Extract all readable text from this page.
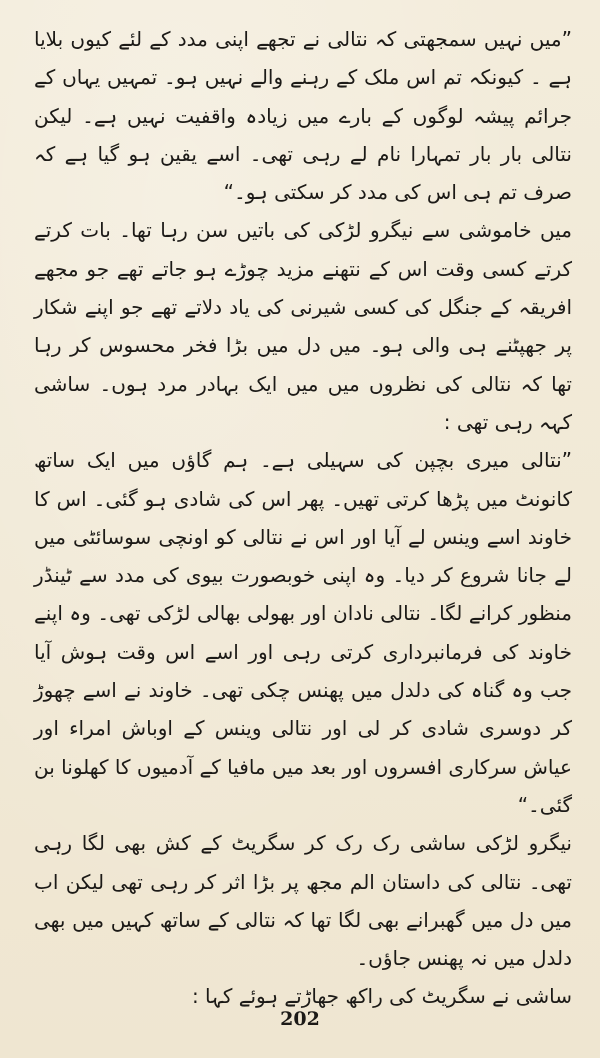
”میں نہیں سمجھتی کہ نتالی نے تجھے اپنی مدد کے لئے کیوں بلایا ہے ۔ کیونکہ تم اس ملک کے رہنے والے نہیں ہو۔ تمہیں یہاں کے جرائم پیشہ لوگوں کے بارے میں زیادہ واقفیت نہیں ہے۔ لیکن نتالی بار بار تمہارا نام لے رہی تھی۔ اسے یقین ہو گیا ہے کہ صرف تم ہی اس کی مدد کر سکتی ہو۔“

میں خاموشی سے نیگرو لڑکی کی باتیں سن رہا تھا۔ بات کرتے کرتے کسی وقت اس کے نتھنے مزید چوڑے ہو جاتے تھے جو مجھے افریقہ کے جنگل کی کسی شیرنی کی یاد دلاتے تھے جو اپنے شکار پر جھپٹنے ہی والی ہو۔ میں دل میں بڑا فخر محسوس کر رہا تھا کہ نتالی کی نظروں میں میں ایک بہادر مرد ہوں۔ ساشی کہہ رہی تھی :

”نتالی میری بچپن کی سہیلی ہے۔ ہم گاؤں میں ایک ساتھ کانونٹ میں پڑھا کرتی تھیں۔ پھر اس کی شادی ہو گئی۔ اس کا خاوند اسے وینس لے آیا اور اس نے نتالی کو اونچی سوسائٹی میں لے جانا شروع کر دیا۔ وہ اپنی خوبصورت بیوی کی مدد سے ٹینڈر منظور کرانے لگا۔ نتالی نادان اور بھولی بھالی لڑکی تھی۔ وہ اپنے خاوند کی فرمانبرداری کرتی رہی اور اسے اس وقت ہوش آیا جب وہ گناہ کی دلدل میں پھنس چکی تھی۔ خاوند نے اسے چھوڑ کر دوسری شادی کر لی اور نتالی وینس کے اوباش امراء اور عیاش سرکاری افسروں اور بعد میں مافیا کے آدمیوں کا کھلونا بن گئی۔“

نیگرو لڑکی ساشی رک رک کر سگریٹ کے کش بھی لگا رہی تھی۔ نتالی کی داستان الم مجھ پر بڑا اثر کر رہی تھی لیکن اب میں دل میں گھبرانے بھی لگا تھا کہ نتالی کے ساتھ کہیں میں بھی دلدل میں نہ پھنس جاؤں۔

ساشی نے سگریٹ کی راکھ جھاڑتے ہوئے کہا :

202
